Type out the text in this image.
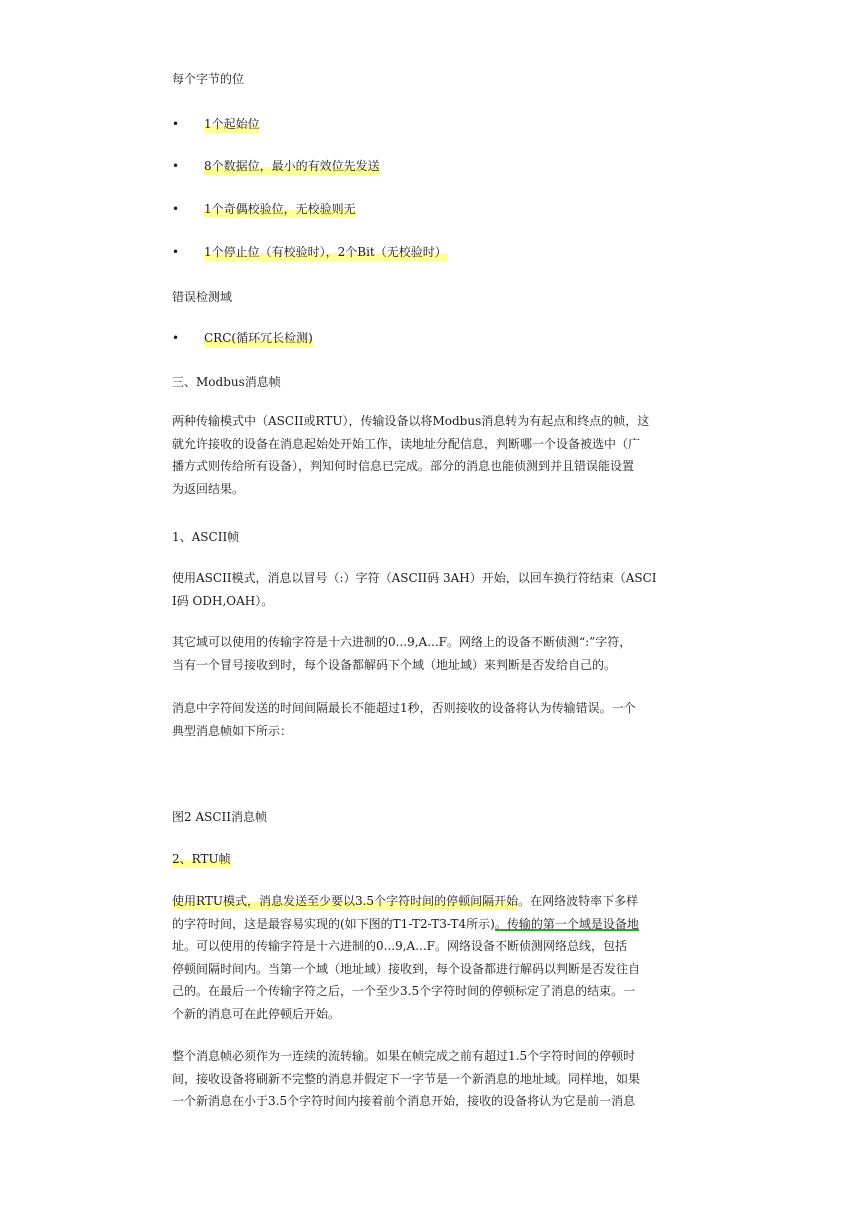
每个字节的位
• 1个起始位
• 8个数据位，最小的有效位先发送
• 1个奇偶校验位，无校验则无
• 1个停止位（有校验时），2个Bit（无校验时）
错误检测域
• CRC(循环冗长检测)
三、Modbus消息帧
两种传输模式中（ASCII或RTU），传输设备以将Modbus消息转为有起点和终点的帧，这
就允许接收的设备在消息起始处开始工作，读地址分配信息，判断哪一个设备被选中（广
播方式则传给所有设备），判知何时信息已完成。部分的消息也能侦测到并且错误能设置
为返回结果。
1、ASCII帧
使用ASCII模式，消息以冒号（:）字符（ASCII码 3AH）开始，以回车换行符结束（ASCI
I码 ODH,OAH）。
其它域可以使用的传输字符是十六进制的0...9,A...F。网络上的设备不断侦测“:”字符，
当有一个冒号接收到时，每个设备都解码下个域（地址域）来判断是否发给自己的。
消息中字符间发送的时间间隔最长不能超过1秒，否则接收的设备将认为传输错误。一个
典型消息帧如下所示：
图2 ASCII消息帧
2、RTU帧
使用RTU模式，消息发送至少要以3.5个字符时间的停顿间隔开始。在网络波特率下多样
的字符时间，这是最容易实现的(如下图的T1-T2-T3-T4所示)。传输的第一个域是设备地
址。可以使用的传输字符是十六进制的0...9,A...F。网络设备不断侦测网络总线，包括
停顿间隔时间内。当第一个域（地址域）接收到，每个设备都进行解码以判断是否发往自
己的。在最后一个传输字符之后，一个至少3.5个字符时间的停顿标定了消息的结束。一
个新的消息可在此停顿后开始。
整个消息帧必须作为一连续的流转输。如果在帧完成之前有超过1.5个字符时间的停顿时
间，接收设备将刷新不完整的消息并假定下一字节是一个新消息的地址域。同样地，如果
一个新消息在小于3.5个字符时间内接着前个消息开始，接收的设备将认为它是前一消息
